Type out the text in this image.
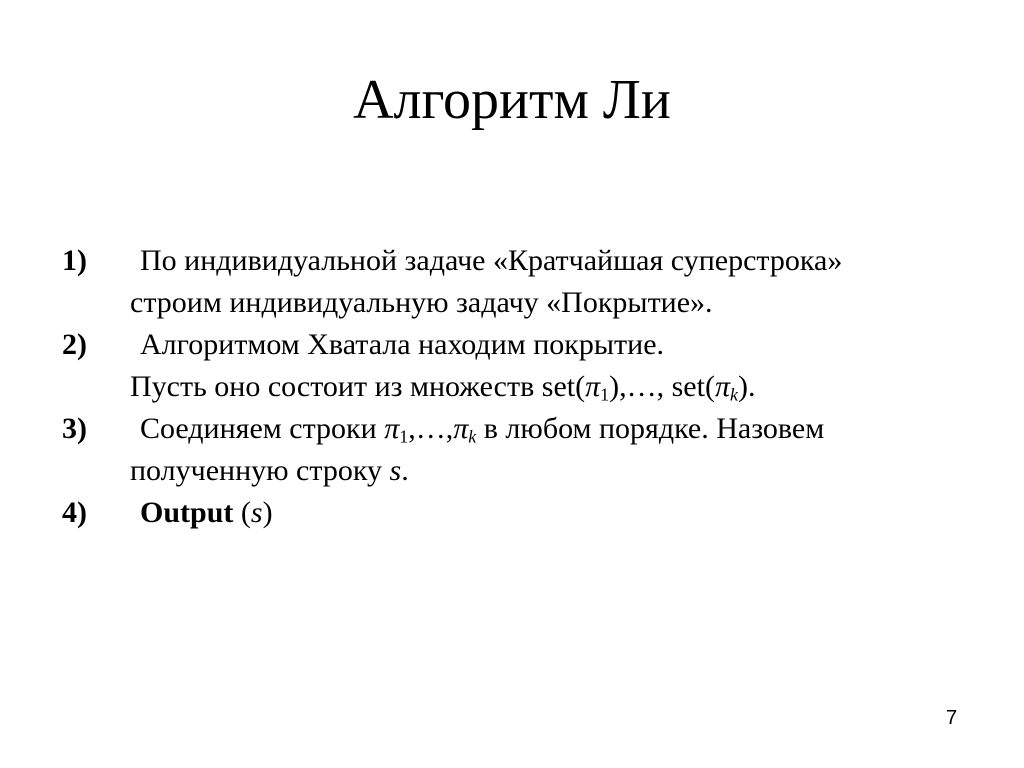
Алгоритм Ли
1)	По индивидуальной задаче «Кратчайшая суперстрока»
строим индивидуальную задачу «Покрытие».
2)	Алгоритмом Хватала находим покрытие.
Пусть оно состоит из множеств $set(\pi_1),\dots$, $set(\pi_k)$.
3)	Соединяем строки $\pi_1,\dots,\pi_k$ в любом порядке. Назовем
полученную строку s.
4)	Output (s)
7
